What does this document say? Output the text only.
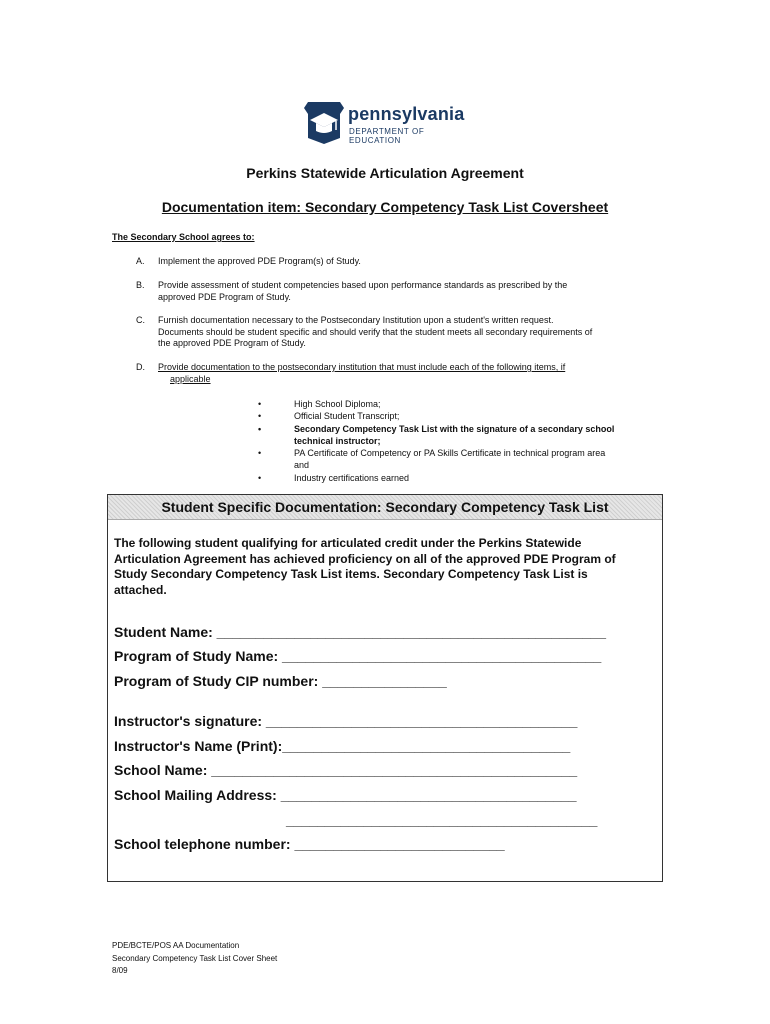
pennsylvania
DEPARTMENT OF EDUCATION
Perkins Statewide Articulation Agreement
Documentation item: Secondary Competency Task List Coversheet
The Secondary School agrees to:
A.	Implement the approved PDE Program(s) of Study.
B.	Provide assessment of student competencies based upon performance standards as prescribed by the
approved PDE Program of Study.
C.	Furnish documentation necessary to the Postsecondary Institution upon a student's written request.
Documents should be student specific and should verify that the student meets all secondary requirements of
the approved PDE Program of Study.
D.	Provide documentation to the postsecondary institution that must include each of the following items, if
applicable
• High School Diploma;
• Official Student Transcript;
• Secondary Competency Task List with the signature of a secondary school
technical instructor;
• PA Certificate of Competency or PA Skills Certificate in technical program area
and
• Industry certifications earned
Student Specific Documentation: Secondary Competency Task List
The following student qualifying for articulated credit under the Perkins Statewide
Articulation Agreement has achieved proficiency on all of the approved PDE Program of
Study Secondary Competency Task List items. Secondary Competency Task List is
attached.
Student Name: __________________________________________________
Program of Study Name: _________________________________________
Program of Study CIP number: ________________
Instructor's signature: ________________________________________
Instructor's Name (Print):_____________________________________
School Name: _______________________________________________
School Mailing Address: ______________________________________
________________________________________
School telephone number: ___________________________
PDE/BCTE/POS AA Documentation
Secondary Competency Task List Cover Sheet
8/09
